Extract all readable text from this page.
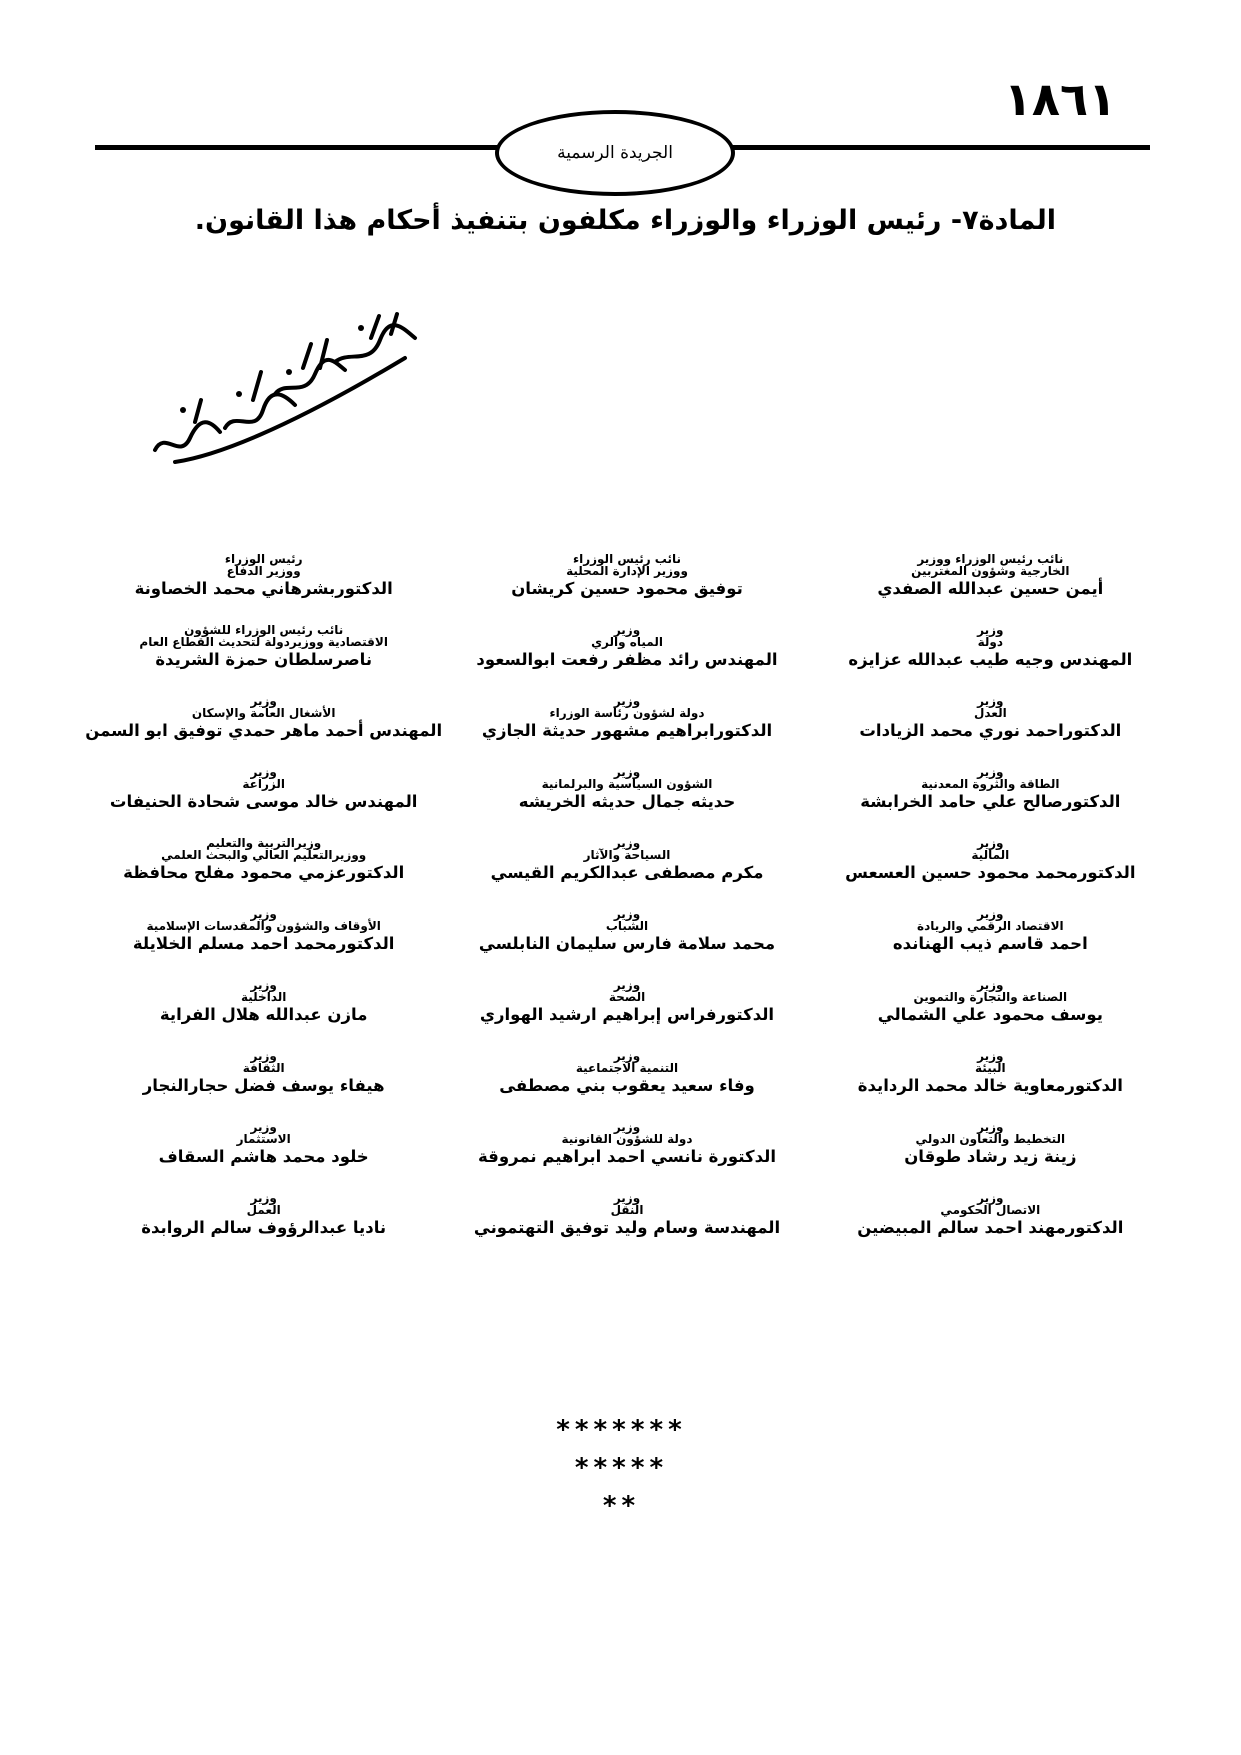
١٨٦١
الجريدة الرسمية
المادة٧- رئيس الوزراء والوزراء مكلفون بتنفيذ أحكام هذا القانون.
نائب رئيس الوزراء ووزير
الخارجية وشؤون المغتربين
أيمن حسين عبدالله الصفدي
نائب رئيس الوزراء
ووزير الإدارة المحلية
توفيق محمود حسين كريشان
رئيس الوزراء
ووزير الدفاع
الدكتوربشرهاني محمد الخصاونة
وزير
دولة
المهندس وجيه طيب عبدالله عزايزه
وزير
المياه والري
المهندس رائد مظفر رفعت ابوالسعود
نائب رئيس الوزراء للشؤون
الاقتصادية ووزيردولة لتحديث القطاع العام
ناصرسلطان حمزة الشريدة
وزير
العدل
الدكتوراحمد نوري محمد الزيادات
وزير
دولة لشؤون رئاسة الوزراء
الدكتورابراهيم مشهور حديثة الجازي
وزير
الأشغال العامة والإسكان
المهندس أحمد ماهر حمدي توفيق ابو السمن
وزير
الطاقة والثروة المعدنية
الدكتورصالح علي حامد الخرابشة
وزير
الشؤون السياسية والبرلمانية
حديثه جمال حديثه الخريشه
وزير
الزراعة
المهندس خالد موسى شحادة الحنيفات
وزير
المالية
الدكتورمحمد محمود حسين العسعس
وزير
السياحة والآثار
مكرم مصطفى عبدالكريم القيسي
وزيرالتربية والتعليم
ووزيرالتعليم العالي والبحث العلمي
الدكتورعزمي محمود مفلح محافظة
وزير
الاقتصاد الرقمي والريادة
احمد قاسم ذيب الهنانده
وزير
الشباب
محمد سلامة فارس سليمان النابلسي
وزير
الأوقاف والشؤون والمقدسات الإسلامية
الدكتورمحمد احمد مسلم الخلايلة
وزير
الصناعة والتجارة والتموين
يوسف محمود علي الشمالي
وزير
الصحة
الدكتورفراس إبراهيم ارشيد الهواري
وزير
الداخلية
مازن عبدالله هلال الفراية
وزير
البيئة
الدكتورمعاوية خالد محمد الردايدة
وزير
التنمية الاجتماعية
وفاء سعيد يعقوب بني مصطفى
وزير
الثقافة
هيفاء يوسف فضل حجارالنجار
وزير
التخطيط والتعاون الدولي
زينة زيد رشاد طوقان
وزير
دولة للشؤون القانونية
الدكتورة نانسي احمد ابراهيم نمروقة
وزير
الاستثمار
خلود محمد هاشم السقاف
وزير
الاتصال الحكومي
الدكتورمهند احمد سالم المبيضين
وزير
النقل
المهندسة وسام وليد توفيق التهتموني
وزير
العمل
ناديا عبدالرؤوف سالم الروابدة
*******
*****
**
